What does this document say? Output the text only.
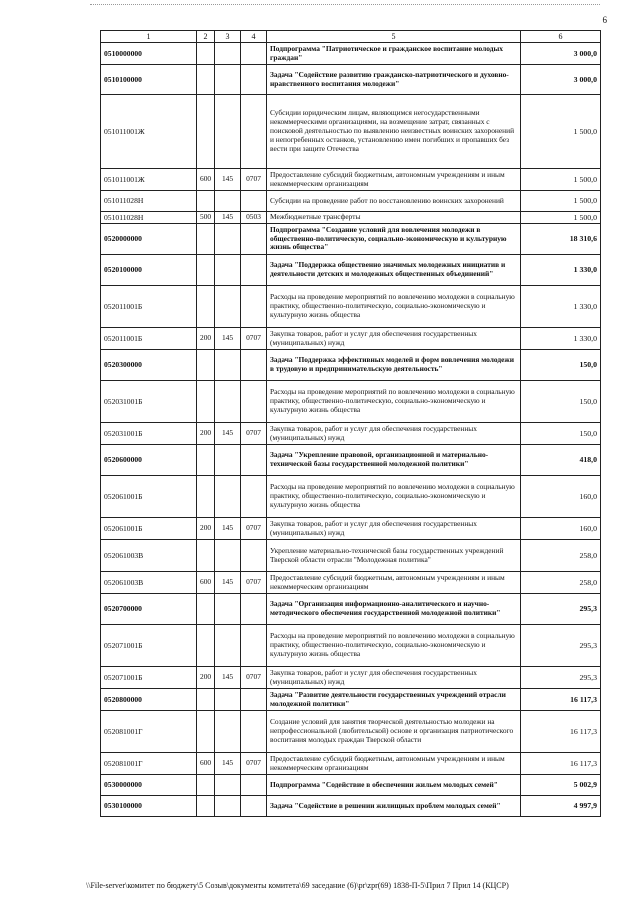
6
1	2	3	4	5	6
0510000000				Подпрограмма "Патриотическое и гражданское воспитание молодых граждан"	3 000,0
0510100000				Задача "Содействие развитию гражданско-патриотического и духовно- нравственного воспитания молодежи"	3 000,0
051011001Ж				Субсидии юридическим лицам, являющимся негосударственными некоммерческими организациями, на возмещение затрат, связанных с поисковой деятельностью по выявлению неизвестных воинских захоронений и непогребенных останков, установлению имен погибших и пропавших без вести при защите Отечества	1 500,0
051011001Ж	600	145	0707	Предоставление субсидий бюджетным, автономным учреждениям и иным некоммерческим организациям	1 500,0
051011028Н				Субсидии на проведение работ по восстановлению воинских захоронений	1 500,0
051011028Н	500	145	0503	Межбюджетные трансферты	1 500,0
0520000000				Подпрограмма "Создание условий для вовлечения молодежи в общественно-политическую, социально-экономическую и культурную жизнь общества"	18 310,6
0520100000				Задача "Поддержка общественно значимых молодежных инициатив и деятельности детских и молодежных общественных объединений"	1 330,0
052011001Б				Расходы на проведение мероприятий по вовлечению молодежи в социальную практику, общественно-политическую, социально-экономическую и культурную жизнь общества	1 330,0
052011001Б	200	145	0707	Закупка товаров, работ и услуг для обеспечения государственных (муниципальных) нужд	1 330,0
0520300000				Задача "Поддержка эффективных моделей и форм вовлечения молодежи в трудовую и предпринимательскую деятельность"	150,0
052031001Б				Расходы на проведение мероприятий по вовлечению молодежи в социальную практику, общественно-политическую, социально-экономическую и культурную жизнь общества	150,0
052031001Б	200	145	0707	Закупка товаров, работ и услуг для обеспечения государственных (муниципальных) нужд	150,0
0520600000				Задача "Укрепление правовой, организационной и материально-технической базы государственной молодежной политики"	418,0
052061001Б				Расходы на проведение мероприятий по вовлечению молодежи в социальную практику, общественно-политическую, социально-экономическую и культурную жизнь общества	160,0
052061001Б	200	145	0707	Закупка товаров, работ и услуг для обеспечения государственных (муниципальных) нужд	160,0
052061003В				Укрепление материально-технической базы государственных учреждений Тверской области отрасли "Молодежная политика"	258,0
052061003В	600	145	0707	Предоставление субсидий бюджетным, автономным учреждениям и иным некоммерческим организациям	258,0
0520700000				Задача "Организация информационно-аналитического и научно-методического обеспечения государственной молодежной политики"	295,3
052071001Б				Расходы на проведение мероприятий по вовлечению молодежи в социальную практику, общественно-политическую, социально-экономическую и культурную жизнь общества	295,3
052071001Б	200	145	0707	Закупка товаров, работ и услуг для обеспечения государственных (муниципальных) нужд	295,3
0520800000				Задача "Развитие деятельности государственных учреждений отрасли молодежной политики"	16 117,3
052081001Г				Создание условий для занятия творческой деятельностью молодежи на непрофессиональной (любительской) основе и организация патриотического воспитания молодых граждан Тверской области	16 117,3
052081001Г	600	145	0707	Предоставление субсидий бюджетным, автономным учреждениям и иным некоммерческим организациям	16 117,3
0530000000				Подпрограмма "Содействие в обеспечении жильем молодых семей"	5 002,9
0530100000				Задача "Содействие в решении жилищных проблем молодых семей"	4 997,9
\\File-server\комитет по бюджету\5 Созыв\документы комитета\69 заседание (6)\pr\zpr(69) 1838-П-5\Прил 7 Прил 14 (КЦСР)
